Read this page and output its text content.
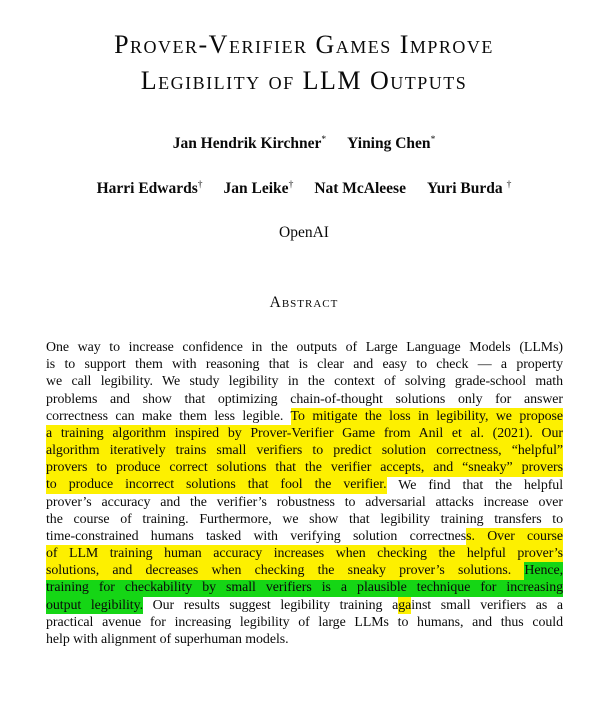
Prover-Verifier Games Improve
Legibility of LLM Outputs
Jan Hendrik Kirchner* Yining Chen*
Harri Edwards† Jan Leike† Nat McAleese Yuri Burda †
OpenAI
Abstract
One way to increase confidence in the outputs of Large Language Models (LLMs)
is to support them with reasoning that is clear and easy to check — a property
we call legibility. We study legibility in the context of solving grade-school math
problems and show that optimizing chain-of-thought solutions only for answer
correctness can make them less legible. To mitigate the loss in legibility, we propose
a training algorithm inspired by Prover-Verifier Game from Anil et al. (2021). Our
algorithm iteratively trains small verifiers to predict solution correctness, “helpful”
provers to produce correct solutions that the verifier accepts, and “sneaky” provers
to produce incorrect solutions that fool the verifier. We find that the helpful
prover’s accuracy and the verifier’s robustness to adversarial attacks increase over
the course of training. Furthermore, we show that legibility training transfers to
time-constrained humans tasked with verifying solution correctness. Over course
of LLM training human accuracy increases when checking the helpful prover’s
solutions, and decreases when checking the sneaky prover’s solutions. Hence,
training for checkability by small verifiers is a plausible technique for increasing
output legibility. Our results suggest legibility training against small verifiers as a
practical avenue for increasing legibility of large LLMs to humans, and thus could
help with alignment of superhuman models.
